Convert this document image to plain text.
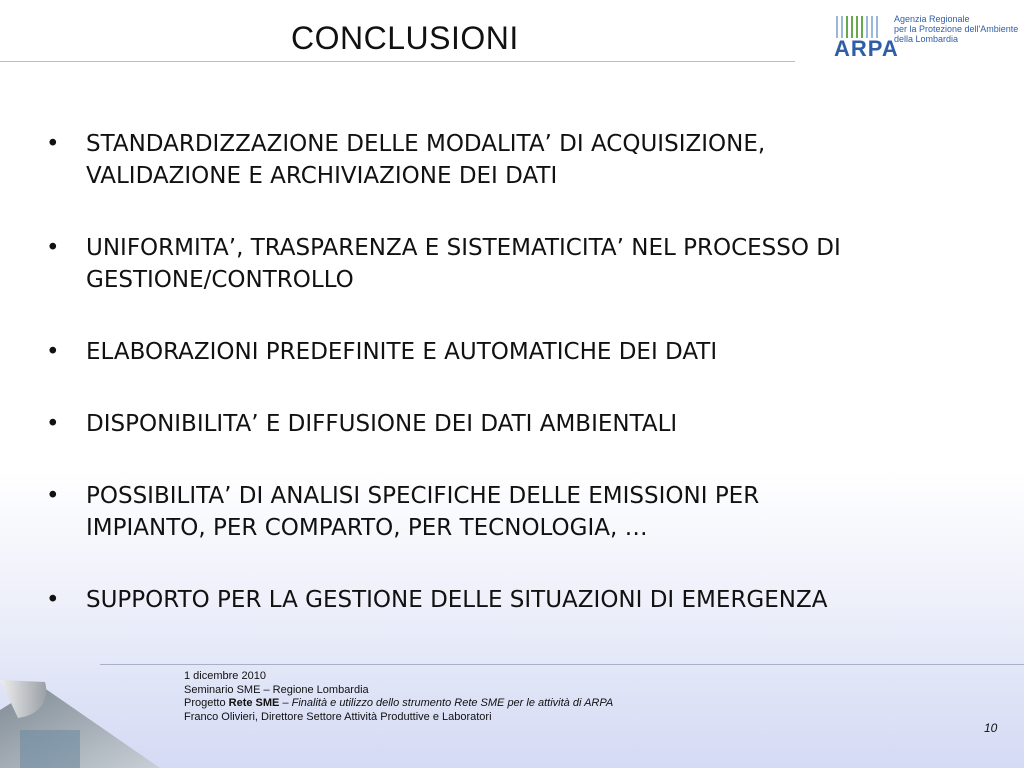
CONCLUSIONI	ARPA
Agenzia Regionale
per la Protezione dell'Ambiente
della Lombardia
• STANDARDIZZAZIONE DELLE MODALITA’ DI ACQUISIZIONE,
VALIDAZIONE E ARCHIVIAZIONE DEI DATI
• UNIFORMITA’, TRASPARENZA E SISTEMATICITA’ NEL PROCESSO DI
GESTIONE/CONTROLLO
• ELABORAZIONI PREDEFINITE E AUTOMATICHE DEI DATI
• DISPONIBILITA’ E DIFFUSIONE DEI DATI AMBIENTALI
• POSSIBILITA’ DI ANALISI SPECIFICHE DELLE EMISSIONI PER
IMPIANTO, PER COMPARTO, PER TECNOLOGIA, …
• SUPPORTO PER LA GESTIONE DELLE SITUAZIONI DI EMERGENZA
1 dicembre 2010
Seminario SME – Regione Lombardia
Progetto Rete SME – Finalità e utilizzo dello strumento Rete SME per le attività di ARPA
Franco Olivieri, Direttore Settore Attività Produttive e Laboratori
10
